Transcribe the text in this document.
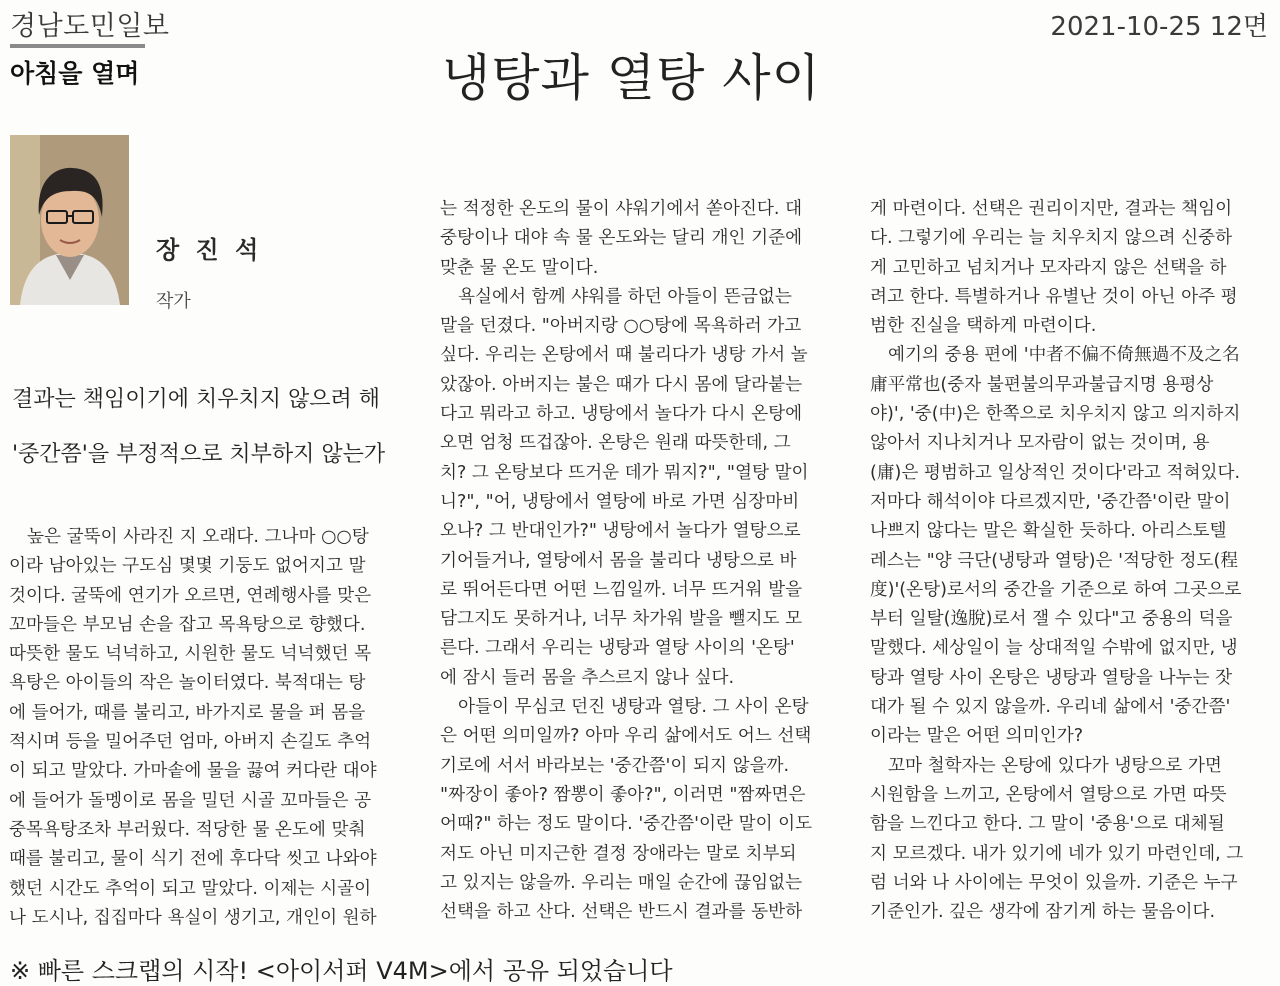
경남도민일보
아침을 열며
2021-10-25 12면
냉탕과 열탕 사이
장 진 석
작가
결과는 책임이기에 치우치지 않으려 해
'중간쯤'을 부정적으로 치부하지 않는가
높은 굴뚝이 사라진 지 오래다. 그나마 ○○탕
이라 남아있는 구도심 몇몇 기둥도 없어지고 말
것이다. 굴뚝에 연기가 오르면, 연례행사를 맞은
꼬마들은 부모님 손을 잡고 목욕탕으로 향했다.
따뜻한 물도 넉넉하고, 시원한 물도 넉넉했던 목
욕탕은 아이들의 작은 놀이터였다. 북적대는 탕
에 들어가, 때를 불리고, 바가지로 물을 퍼 몸을
적시며 등을 밀어주던 엄마, 아버지 손길도 추억
이 되고 말았다. 가마솥에 물을 끓여 커다란 대야
에 들어가 돌멩이로 몸을 밀던 시골 꼬마들은 공
중목욕탕조차 부러웠다. 적당한 물 온도에 맞춰
때를 불리고, 물이 식기 전에 후다닥 씻고 나와야
했던 시간도 추억이 되고 말았다. 이제는 시골이
나 도시나, 집집마다 욕실이 생기고, 개인이 원하
는 적정한 온도의 물이 샤워기에서 쏟아진다. 대
중탕이나 대야 속 물 온도와는 달리 개인 기준에
맞춘 물 온도 말이다.
욕실에서 함께 샤워를 하던 아들이 뜬금없는
말을 던졌다. "아버지랑 ○○탕에 목욕하러 가고
싶다. 우리는 온탕에서 때 불리다가 냉탕 가서 놀
았잖아. 아버지는 불은 때가 다시 몸에 달라붙는
다고 뭐라고 하고. 냉탕에서 놀다가 다시 온탕에
오면 엄청 뜨겁잖아. 온탕은 원래 따뜻한데, 그
치? 그 온탕보다 뜨거운 데가 뭐지?", "열탕 말이
니?", "어, 냉탕에서 열탕에 바로 가면 심장마비
오나? 그 반대인가?" 냉탕에서 놀다가 열탕으로
기어들거나, 열탕에서 몸을 불리다 냉탕으로 바
로 뛰어든다면 어떤 느낌일까. 너무 뜨거워 발을
담그지도 못하거나, 너무 차가워 발을 뺄지도 모
른다. 그래서 우리는 냉탕과 열탕 사이의 '온탕'
에 잠시 들러 몸을 추스르지 않나 싶다.
아들이 무심코 던진 냉탕과 열탕. 그 사이 온탕
은 어떤 의미일까? 아마 우리 삶에서도 어느 선택
기로에 서서 바라보는 '중간쯤'이 되지 않을까.
"짜장이 좋아? 짬뽕이 좋아?", 이러면 "짬짜면은
어때?" 하는 정도 말이다. '중간쯤'이란 말이 이도
저도 아닌 미지근한 결정 장애라는 말로 치부되
고 있지는 않을까. 우리는 매일 순간에 끊임없는
선택을 하고 산다. 선택은 반드시 결과를 동반하
게 마련이다. 선택은 권리이지만, 결과는 책임이
다. 그렇기에 우리는 늘 치우치지 않으려 신중하
게 고민하고 넘치거나 모자라지 않은 선택을 하
려고 한다. 특별하거나 유별난 것이 아닌 아주 평
범한 진실을 택하게 마련이다.
예기의 중용 편에 '中者不偏不倚無過不及之名
庸平常也(중자 불편불의무과불급지명 용평상
야)', '중(中)은 한쪽으로 치우치지 않고 의지하지
않아서 지나치거나 모자람이 없는 것이며, 용
(庸)은 평범하고 일상적인 것이다'라고 적혀있다.
저마다 해석이야 다르겠지만, '중간쯤'이란 말이
나쁘지 않다는 말은 확실한 듯하다. 아리스토텔
레스는 "양 극단(냉탕과 열탕)은 '적당한 정도(程
度)'(온탕)로서의 중간을 기준으로 하여 그곳으로
부터 일탈(逸脫)로서 잴 수 있다"고 중용의 덕을
말했다. 세상일이 늘 상대적일 수밖에 없지만, 냉
탕과 열탕 사이 온탕은 냉탕과 열탕을 나누는 잣
대가 될 수 있지 않을까. 우리네 삶에서 '중간쯤'
이라는 말은 어떤 의미인가?
꼬마 철학자는 온탕에 있다가 냉탕으로 가면
시원함을 느끼고, 온탕에서 열탕으로 가면 따뜻
함을 느낀다고 한다. 그 말이 '중용'으로 대체될
지 모르겠다. 내가 있기에 네가 있기 마련인데, 그
럼 너와 나 사이에는 무엇이 있을까. 기준은 누구
기준인가. 깊은 생각에 잠기게 하는 물음이다.
※ 빠른 스크랩의 시작! <아이서퍼 V4M>에서 공유 되었습니다
